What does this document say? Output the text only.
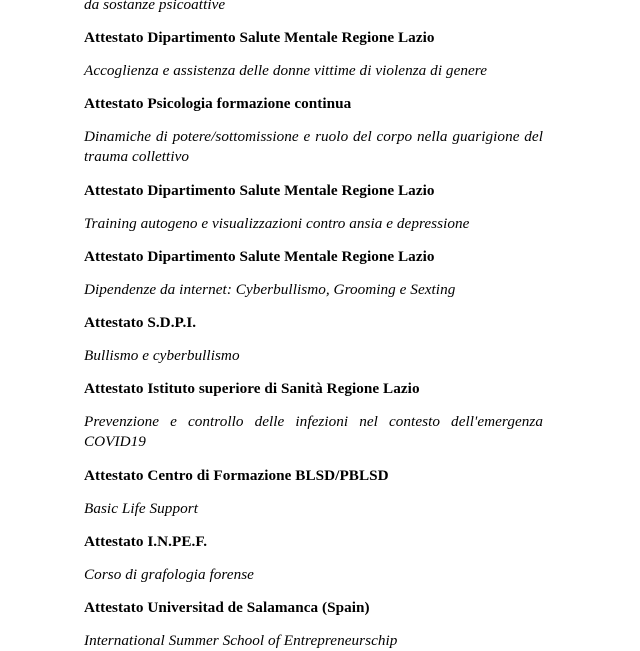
da sostanze psicoattive

Attestato Dipartimento Salute Mentale Regione Lazio

Accoglienza e assistenza delle donne vittime di violenza di genere

Attestato Psicologia formazione continua

Dinamiche di potere/sottomissione e ruolo del corpo nella guarigione del trauma collettivo

Attestato Dipartimento Salute Mentale Regione Lazio

Training autogeno e visualizzazioni contro ansia e depressione

Attestato Dipartimento Salute Mentale Regione Lazio

Dipendenze da internet: Cyberbullismo, Grooming e Sexting

Attestato S.D.P.I.

Bullismo e cyberbullismo

Attestato Istituto superiore di Sanità Regione Lazio

Prevenzione e controllo delle infezioni nel contesto dell'emergenza COVID19

Attestato Centro di Formazione BLSD/PBLSD

Basic Life Support

Attestato I.N.PE.F.

Corso di grafologia forense

Attestato Universitad de Salamanca (Spain)

International Summer School of Entrepreneurschip
